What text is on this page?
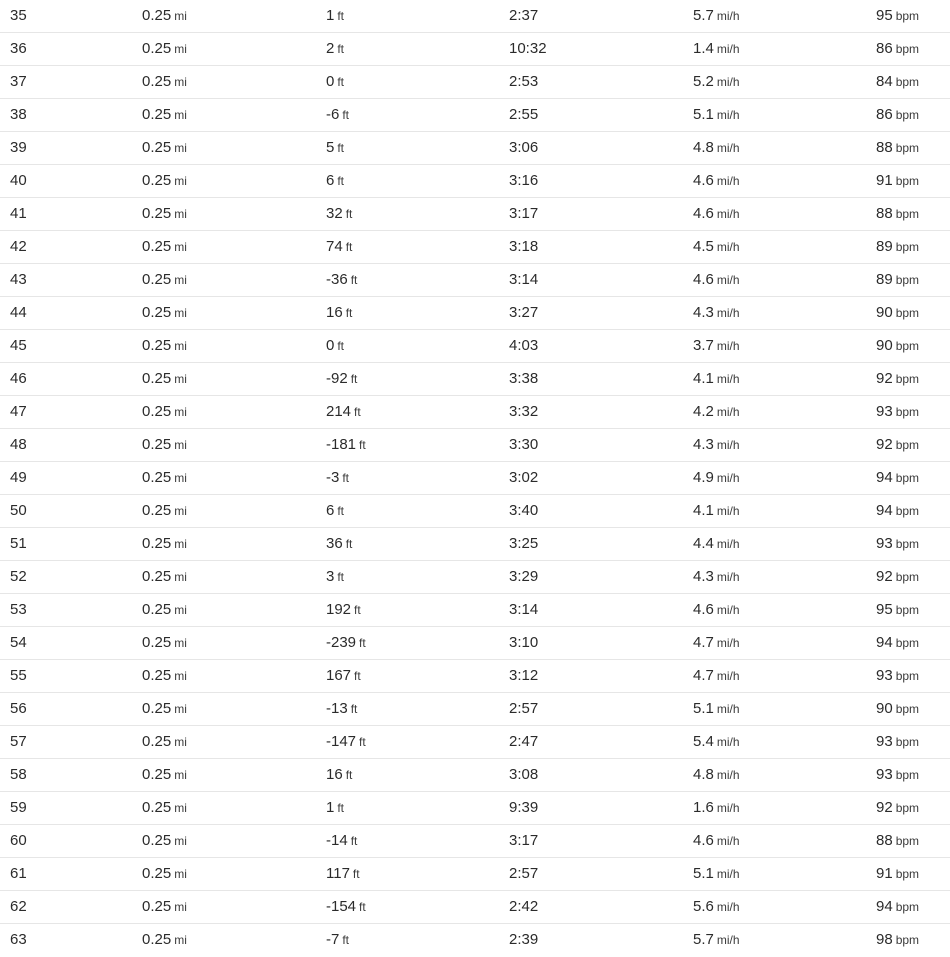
35	0.25 mi	1 ft	2:37	5.7 mi/h	95 bpm
36	0.25 mi	2 ft	10:32	1.4 mi/h	86 bpm
37	0.25 mi	0 ft	2:53	5.2 mi/h	84 bpm
38	0.25 mi	-6 ft	2:55	5.1 mi/h	86 bpm
39	0.25 mi	5 ft	3:06	4.8 mi/h	88 bpm
40	0.25 mi	6 ft	3:16	4.6 mi/h	91 bpm
41	0.25 mi	32 ft	3:17	4.6 mi/h	88 bpm
42	0.25 mi	74 ft	3:18	4.5 mi/h	89 bpm
43	0.25 mi	-36 ft	3:14	4.6 mi/h	89 bpm
44	0.25 mi	16 ft	3:27	4.3 mi/h	90 bpm
45	0.25 mi	0 ft	4:03	3.7 mi/h	90 bpm
46	0.25 mi	-92 ft	3:38	4.1 mi/h	92 bpm
47	0.25 mi	214 ft	3:32	4.2 mi/h	93 bpm
48	0.25 mi	-181 ft	3:30	4.3 mi/h	92 bpm
49	0.25 mi	-3 ft	3:02	4.9 mi/h	94 bpm
50	0.25 mi	6 ft	3:40	4.1 mi/h	94 bpm
51	0.25 mi	36 ft	3:25	4.4 mi/h	93 bpm
52	0.25 mi	3 ft	3:29	4.3 mi/h	92 bpm
53	0.25 mi	192 ft	3:14	4.6 mi/h	95 bpm
54	0.25 mi	-239 ft	3:10	4.7 mi/h	94 bpm
55	0.25 mi	167 ft	3:12	4.7 mi/h	93 bpm
56	0.25 mi	-13 ft	2:57	5.1 mi/h	90 bpm
57	0.25 mi	-147 ft	2:47	5.4 mi/h	93 bpm
58	0.25 mi	16 ft	3:08	4.8 mi/h	93 bpm
59	0.25 mi	1 ft	9:39	1.6 mi/h	92 bpm
60	0.25 mi	-14 ft	3:17	4.6 mi/h	88 bpm
61	0.25 mi	117 ft	2:57	5.1 mi/h	91 bpm
62	0.25 mi	-154 ft	2:42	5.6 mi/h	94 bpm
63	0.25 mi	-7 ft	2:39	5.7 mi/h	98 bpm
